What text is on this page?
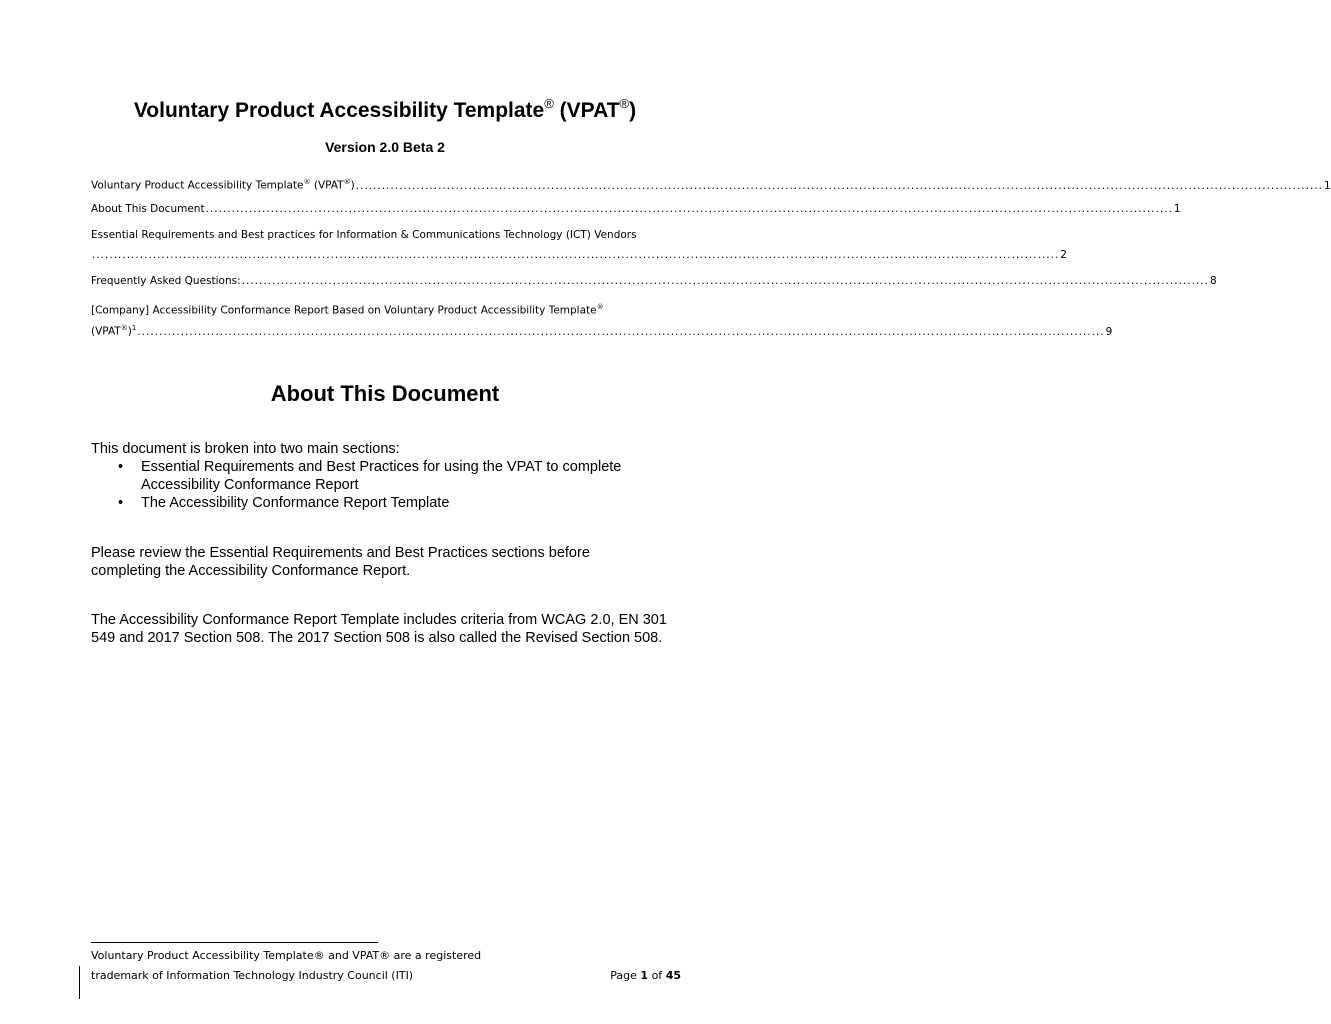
Voluntary Product Accessibility Template® (VPAT®)
Version 2.0 Beta 2
Voluntary Product Accessibility Template® (VPAT®) ............................................................................................................................................................................................................................... 1
About This Document ............................................................................................................................................................................................................................... 1
Essential Requirements and Best practices for Information & Communications Technology (ICT) Vendors
............................................................................................................................................................................................................................... 2
Frequently Asked Questions: ............................................................................................................................................................................................................................... 8
[Company] Accessibility Conformance Report Based on Voluntary Product Accessibility Template®
(VPAT®)$^1$ ............................................................................................................................................................................................................................... 9
About This Document
This document is broken into two main sections:
• Essential Requirements and Best Practices for using the VPAT to complete Accessibility Conformance Report
• The Accessibility Conformance Report Template
Please review the Essential Requirements and Best Practices sections before completing the Accessibility Conformance Report.
The Accessibility Conformance Report Template includes criteria from WCAG 2.0, EN 301 549 and 2017 Section 508. The 2017 Section 508 is also called the Revised Section 508.
Voluntary Product Accessibility Template® and VPAT® are a registered
trademark of Information Technology Industry Council (ITI)	Page 1 of 45
